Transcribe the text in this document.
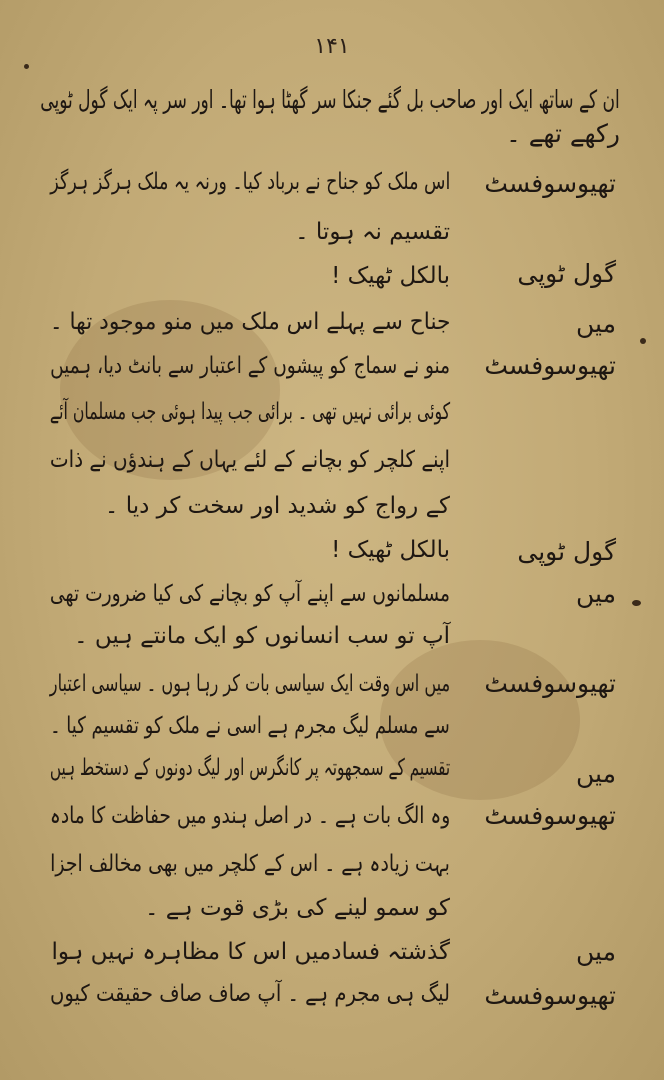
۱۴۱
ان کے ساتھ ایک اور صاحب بل گئے جنکا سر گھٹا ہوا تھا۔ اور سر پہ ایک گول ٹوپی
رکھے تھے ۔
تھیوسوفسٹ
اس ملک کو جناح نے برباد کیا۔ ورنہ یہ ملک ہرگز ہرگز
تقسیم نہ ہوتا ۔
گول ٹوپی
بالکل ٹھیک !
میں
جناح سے پہلے اس ملک میں منو موجود تھا ۔
تھیوسوفسٹ
منو نے سماج کو پیشوں کے اعتبار سے بانٹ دیا، ہمیں
کوئی برائی نہیں تھی ۔ برائی جب پیدا ہوئی جب مسلمان آئے
اپنے کلچر کو بچانے کے لئے یہاں کے ہندؤں نے ذات
کے رواج کو شدید اور سخت کر دیا ۔
گول ٹوپی
بالکل ٹھیک !
میں
مسلمانوں سے اپنے آپ کو بچانے کی کیا ضرورت تھی
آپ تو سب انسانوں کو ایک مانتے ہیں ۔
تھیوسوفسٹ
میں اس وقت ایک سیاسی بات کر رہا ہوں ۔ سیاسی اعتبار
سے مسلم لیگ مجرم ہے اسی نے ملک کو تقسیم کیا ۔
میں
تقسیم کے سمجھوتہ پر کانگرس اور لیگ دونوں کے دستخط ہیں
تھیوسوفسٹ
وہ الگ بات ہے ۔ در اصل ہندو میں حفاظت کا مادہ
بہت زیادہ ہے ۔ اس کے کلچر میں بھی مخالف اجزا
کو سمو لینے کی بڑی قوت ہے ۔
میں
گذشتہ فسادمیں اس کا مظاہرہ نہیں ہوا
تھیوسوفسٹ
لیگ ہی مجرم ہے ۔ آپ صاف صاف حقیقت کیوں
